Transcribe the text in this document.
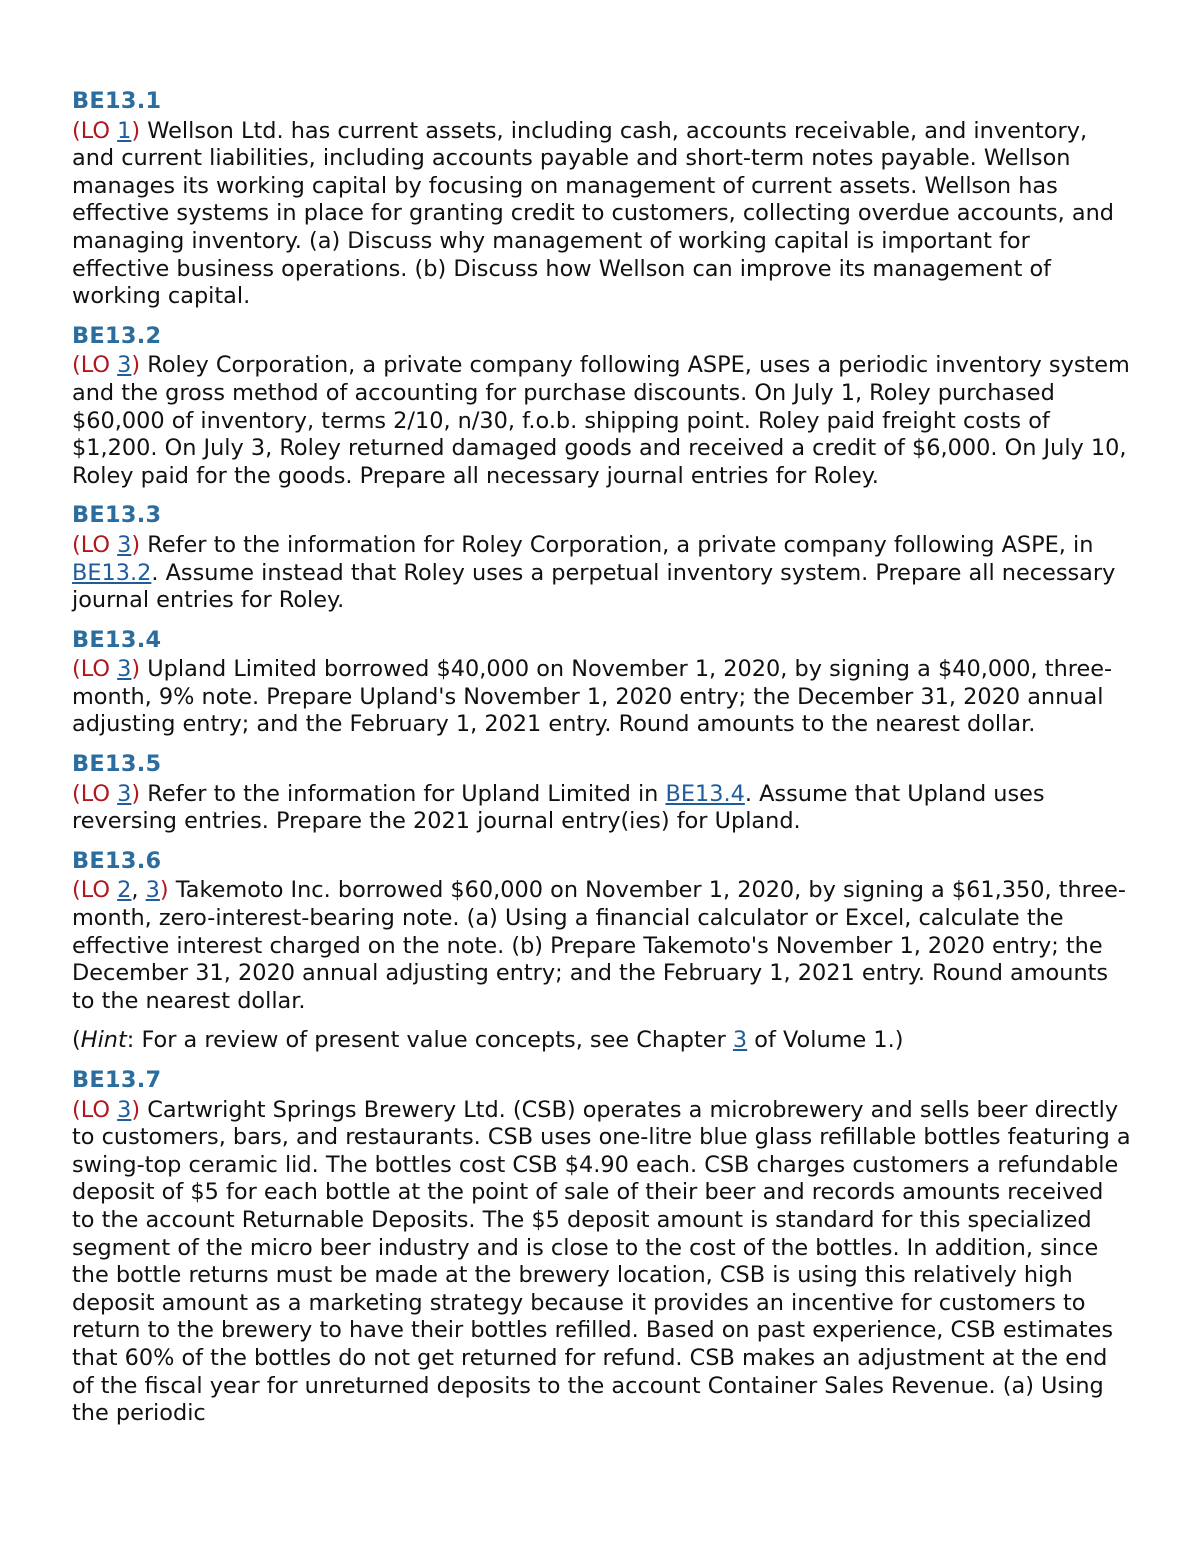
BE13.1

(LO 1) Wellson Ltd. has current assets, including cash, accounts receivable, and inventory, and current liabilities, including accounts payable and short-term notes payable. Wellson manages its working capital by focusing on management of current assets. Wellson has effective systems in place for granting credit to customers, collecting overdue accounts, and managing inventory. (a) Discuss why management of working capital is important for effective business operations. (b) Discuss how Wellson can improve its management of working capital.

BE13.2

(LO 3) Roley Corporation, a private company following ASPE, uses a periodic inventory system and the gross method of accounting for purchase discounts. On July 1, Roley purchased $60,000 of inventory, terms 2/10, n/30, f.o.b. shipping point. Roley paid freight costs of $1,200. On July 3, Roley returned damaged goods and received a credit of $6,000. On July 10, Roley paid for the goods. Prepare all necessary journal entries for Roley.

BE13.3

(LO 3) Refer to the information for Roley Corporation, a private company following ASPE, in BE13.2. Assume instead that Roley uses a perpetual inventory system. Prepare all necessary journal entries for Roley.

BE13.4

(LO 3) Upland Limited borrowed $40,000 on November 1, 2020, by signing a $40,000, three-month, 9% note. Prepare Upland's November 1, 2020 entry; the December 31, 2020 annual adjusting entry; and the February 1, 2021 entry. Round amounts to the nearest dollar.

BE13.5

(LO 3) Refer to the information for Upland Limited in BE13.4. Assume that Upland uses reversing entries. Prepare the 2021 journal entry(ies) for Upland.

BE13.6

(LO 2, 3) Takemoto Inc. borrowed $60,000 on November 1, 2020, by signing a $61,350, three-month, zero-interest-bearing note. (a) Using a financial calculator or Excel, calculate the effective interest charged on the note. (b) Prepare Takemoto's November 1, 2020 entry; the December 31, 2020 annual adjusting entry; and the February 1, 2021 entry. Round amounts to the nearest dollar.

(Hint: For a review of present value concepts, see Chapter 3 of Volume 1.)

BE13.7

(LO 3) Cartwright Springs Brewery Ltd. (CSB) operates a microbrewery and sells beer directly to customers, bars, and restaurants. CSB uses one-litre blue glass refillable bottles featuring a swing-top ceramic lid. The bottles cost CSB $4.90 each. CSB charges customers a refundable deposit of $5 for each bottle at the point of sale of their beer and records amounts received to the account Returnable Deposits. The $5 deposit amount is standard for this specialized segment of the micro beer industry and is close to the cost of the bottles. In addition, since the bottle returns must be made at the brewery location, CSB is using this relatively high deposit amount as a marketing strategy because it provides an incentive for customers to return to the brewery to have their bottles refilled. Based on past experience, CSB estimates that 60% of the bottles do not get returned for refund. CSB makes an adjustment at the end of the fiscal year for unreturned deposits to the account Container Sales Revenue. (a) Using the periodic
